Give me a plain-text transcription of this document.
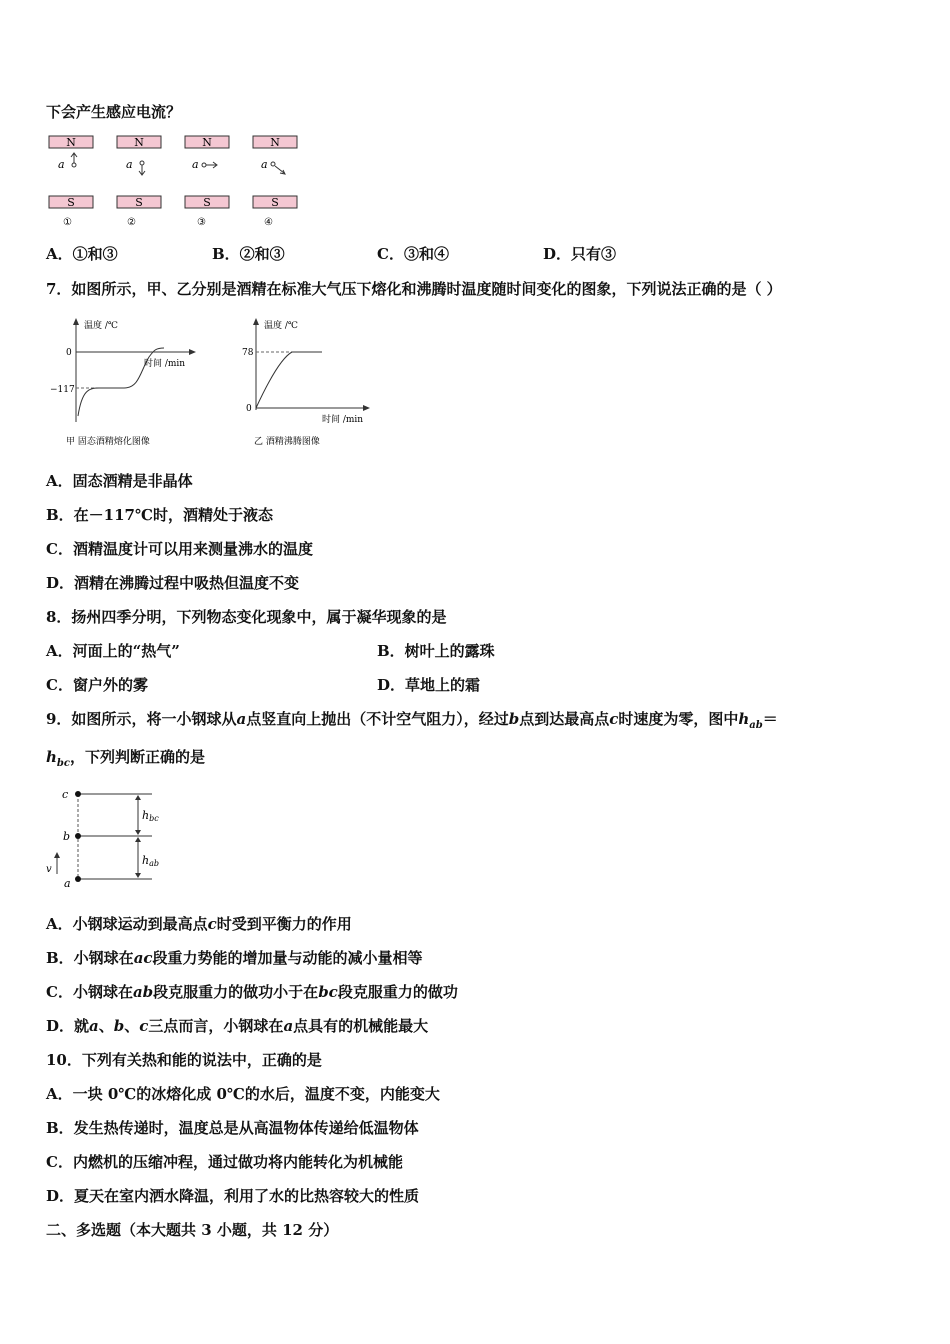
下会产生感应电流？
N
a
S
①
N
a
S
②
N
a
S
③
N
a
S
④
A．①和③	B．②和③	C．③和④	D．只有③
7．如图所示，甲、乙分别是酒精在标准大气压下熔化和沸腾时温度随时间变化的图象，下列说法正确的是（ ）
温度 /℃
0
−117
时间 /min
甲 固态酒精熔化图像
温度 /℃
78
0
时间 /min
乙 酒精沸腾图像
A．固态酒精是非晶体
B．在－117℃时，酒精处于液态
C．酒精温度计可以用来测量沸水的温度
D．酒精在沸腾过程中吸热但温度不变
8．扬州四季分明，下列物态变化现象中，属于凝华现象的是
A．河面上的“热气”	B．树叶上的露珠
C．窗户外的雾	D．草地上的霜
9．如图所示，将一小钢球从a点竖直向上抛出（不计空气阻力），经过b点到达最高点c时速度为零，图中$h_{ab}=$
$h_{bc}$，下列判断正确的是
c
b
a
v
hbc
hab
A．小钢球运动到最高点c时受到平衡力的作用
B．小钢球在ac段重力势能的增加量与动能的减小量相等
C．小钢球在ab段克服重力的做功小于在bc段克服重力的做功
D．就a、b、c三点而言，小钢球在a点具有的机械能最大
10．下列有关热和能的说法中，正确的是
A．一块 0℃的冰熔化成 0℃的水后，温度不变，内能变大
B．发生热传递时，温度总是从高温物体传递给低温物体
C．内燃机的压缩冲程，通过做功将内能转化为机械能
D．夏天在室内洒水降温，利用了水的比热容较大的性质
二、多选题（本大题共 3 小题，共 12 分）
